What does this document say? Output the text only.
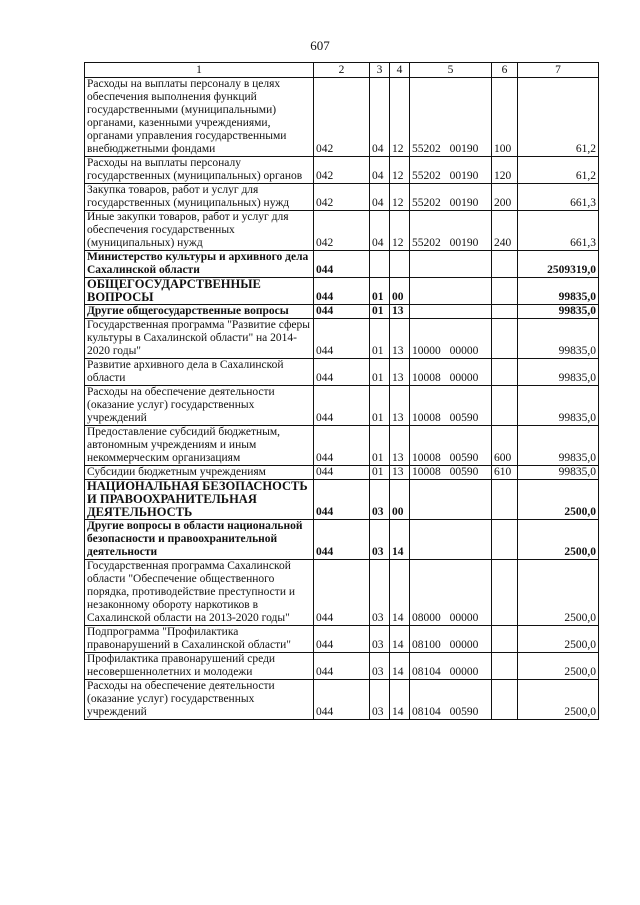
607
1	2	3	4	5	6	7
Расходы на выплаты персоналу в целях обеспечения выполнения функций государственными (муниципальными) органами, казенными учреждениями, органами управления государственными внебюджетными фондами	042	04	12	55202 00190	100	61,2
Расходы на выплаты персоналу государственных (муниципальных) органов	042	04	12	55202 00190	120	61,2
Закупка товаров, работ и услуг для государственных (муниципальных) нужд	042	04	12	55202 00190	200	661,3
Иные закупки товаров, работ и услуг для обеспечения государственных (муниципальных) нужд	042	04	12	55202 00190	240	661,3
Министерство культуры и архивного дела Сахалинской области	044					2509319,0
ОБЩЕГОСУДАРСТВЕННЫЕ ВОПРОСЫ	044	01	00			99835,0
Другие общегосударственные вопросы	044	01	13			99835,0
Государственная программа "Развитие сферы культуры в Сахалинской области" на 2014-2020 годы"	044	01	13	10000 00000		99835,0
Развитие архивного дела в Сахалинской области	044	01	13	10008 00000		99835,0
Расходы на обеспечение деятельности (оказание услуг) государственных учреждений	044	01	13	10008 00590		99835,0
Предоставление субсидий бюджетным, автономным учреждениям и иным некоммерческим организациям	044	01	13	10008 00590	600	99835,0
Субсидии бюджетным учреждениям	044	01	13	10008 00590	610	99835,0
НАЦИОНАЛЬНАЯ БЕЗОПАСНОСТЬ И ПРАВООХРАНИТЕЛЬНАЯ ДЕЯТЕЛЬНОСТЬ	044	03	00			2500,0
Другие вопросы в области национальной безопасности и правоохранительной деятельности	044	03	14			2500,0
Государственная программа Сахалинской области "Обеспечение общественного порядка, противодействие преступности и незаконному обороту наркотиков в Сахалинской области на 2013-2020 годы"	044	03	14	08000 00000		2500,0
Подпрограмма "Профилактика правонарушений в Сахалинской области"	044	03	14	08100 00000		2500,0
Профилактика правонарушений среди несовершеннолетних и молодежи	044	03	14	08104 00000		2500,0
Расходы на обеспечение деятельности (оказание услуг) государственных учреждений	044	03	14	08104 00590		2500,0
